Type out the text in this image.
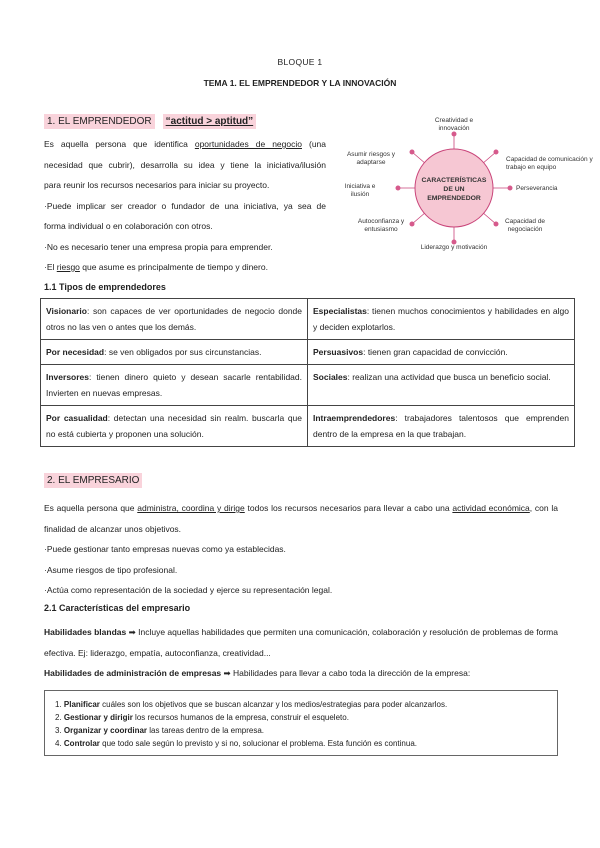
BLOQUE 1
TEMA 1. EL EMPRENDEDOR Y LA INNOVACIÓN
1. EL EMPRENDEDOR “actitud > aptitud”
Es aquella persona que identifica oportunidades de negocio (una
necesidad que cubrir), desarrolla su idea y tiene la iniciativa/ilusión
para reunir los recursos necesarios para iniciar su proyecto.
·Puede implicar ser creador o fundador de una iniciativa, ya sea de
forma individual o en colaboración con otros.
·No es necesario tener una empresa propia para emprender.
·El riesgo que asume es principalmente de tiempo y dinero.
CARACTERÍSTICAS DE UN EMPRENDEDOR
Creatividad e innovación
Capacidad de comunicación y trabajo en equipo
Perseverancia
Capacidad de negociación
Liderazgo y motivación
Autoconfianza y entusiasmo
Iniciativa e ilusión
Asumir riesgos y adaptarse
1.1 Tipos de emprendedores
Visionario: son capaces de ver oportunidades de negocio donde otros no las ven o antes que los demás.	Especialistas: tienen muchos conocimientos y habilidades en algo y deciden explotarlos.
Por necesidad: se ven obligados por sus circunstancias.	Persuasivos: tienen gran capacidad de convicción.
Inversores: tienen dinero quieto y desean sacarle rentabilidad. Invierten en nuevas empresas.	Sociales: realizan una actividad que busca un beneficio social.
Por casualidad: detectan una necesidad sin realm. buscarla que no está cubierta y proponen una solución.	Intraemprendedores: trabajadores talentosos que emprenden dentro de la empresa en la que trabajan.
2. EL EMPRESARIO
Es aquella persona que administra, coordina y dirige todos los recursos necesarios para llevar a cabo una actividad económica, con la finalidad de alcanzar unos objetivos.
·Puede gestionar tanto empresas nuevas como ya establecidas.
·Asume riesgos de tipo profesional.
·Actúa como representación de la sociedad y ejerce su representación legal.
2.1 Características del empresario
Habilidades blandas ➡ Incluye aquellas habilidades que permiten una comunicación, colaboración y resolución de problemas de forma efectiva. Ej: liderazgo, empatía, autoconfianza, creatividad...
Habilidades de administración de empresas ➡ Habilidades para llevar a cabo toda la dirección de la empresa:
1. Planificar cuáles son los objetivos que se buscan alcanzar y los medios/estrategias para poder alcanzarlos.
2. Gestionar y dirigir los recursos humanos de la empresa, construir el esqueleto.
3. Organizar y coordinar las tareas dentro de la empresa.
4. Controlar que todo sale según lo previsto y si no, solucionar el problema. Esta función es continua.
